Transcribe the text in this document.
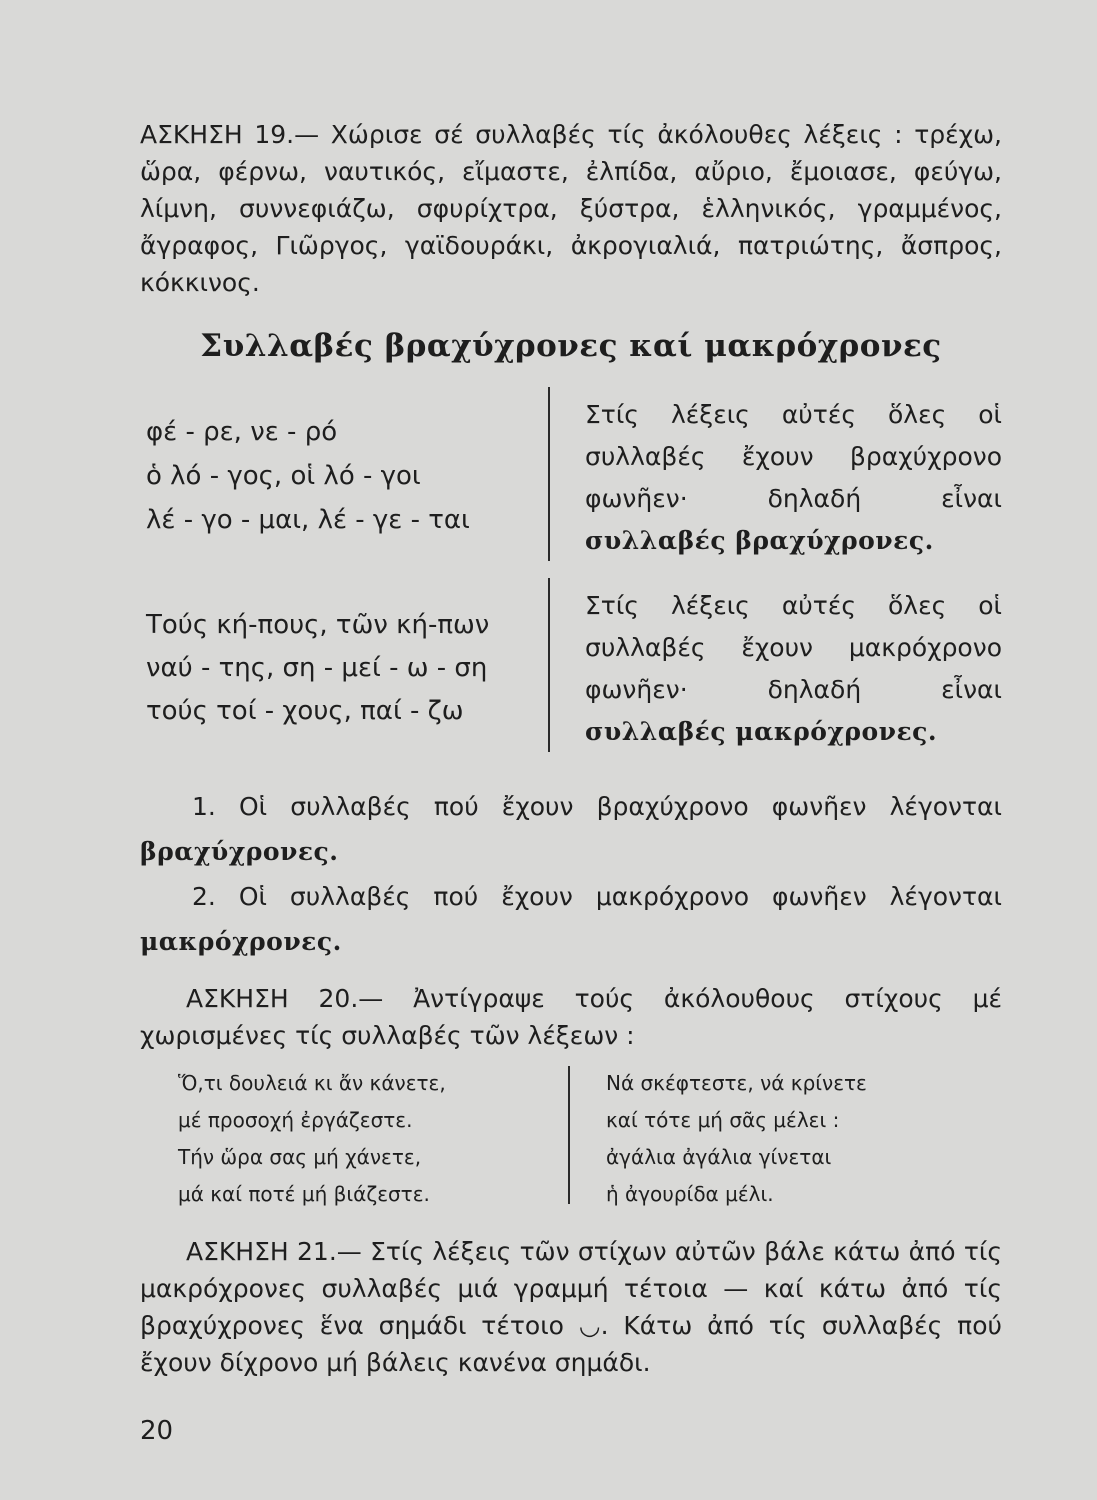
ΑΣΚΗΣΗ 19.— Χώρισε σέ συλλαβές τίς ἀκόλουθες λέξεις : τρέχω, ὥρα, φέρνω, ναυτικός, εἴμαστε, ἐλπίδα, αὔριο, ἔμοιασε, φεύγω, λίμνη, συννεφιάζω, σφυρίχτρα, ξύστρα, ἑλληνικός, γραμμένος, ἄγραφος, Γιῶργος, γαϊδουράκι, ἀκρογιαλιά, πατριώτης, ἄσπρος, κόκκινος.
Συλλαβές βραχύχρονες καί μακρόχρονες
φέ - ρε, νε - ρό
ὁ λό - γος, οἱ λό - γοι
λέ - γο - μαι, λέ - γε - ται
Στίς λέξεις αὐτές ὅλες οἱ συλλαβές ἔχουν βραχύχρονο φωνῆεν· δηλαδή εἶναι συλλαβές βραχύχρονες.
Τούς κή-πους, τῶν κή-πων
ναύ - της, ση - μεί - ω - ση
τούς τοί - χους, παί - ζω
Στίς λέξεις αὐτές ὅλες οἱ συλλαβές ἔχουν μακρόχρονο φωνῆεν· δηλαδή εἶναι συλλαβές μακρόχρονες.
1. Οἱ συλλαβές πού ἔχουν βραχύχρονο φωνῆεν λέγονται βραχύχρονες.
2. Οἱ συλλαβές πού ἔχουν μακρόχρονο φωνῆεν λέγονται μακρόχρονες.
ΑΣΚΗΣΗ 20.— Ἀντίγραψε τούς ἀκόλουθους στίχους μέ χωρισμένες τίς συλλαβές τῶν λέξεων :
Ὅ,τι δουλειά κι ἄν κάνετε,
μέ προσοχή ἐργάζεστε.
Τήν ὥρα σας μή χάνετε,
μά καί ποτέ μή βιάζεστε.
Νά σκέφτεστε, νά κρίνετε
καί τότε μή σᾶς μέλει :
ἀγάλια ἀγάλια γίνεται
ἡ ἀγουρίδα μέλι.
ΑΣΚΗΣΗ 21.— Στίς λέξεις τῶν στίχων αὐτῶν βάλε κάτω ἀπό τίς μακρόχρονες συλλαβές μιά γραμμή τέτοια — καί κάτω ἀπό τίς βραχύχρονες ἕνα σημάδι τέτοιο ◡. Κάτω ἀπό τίς συλλαβές πού ἔχουν δίχρονο μή βάλεις κανένα σημάδι.
20
